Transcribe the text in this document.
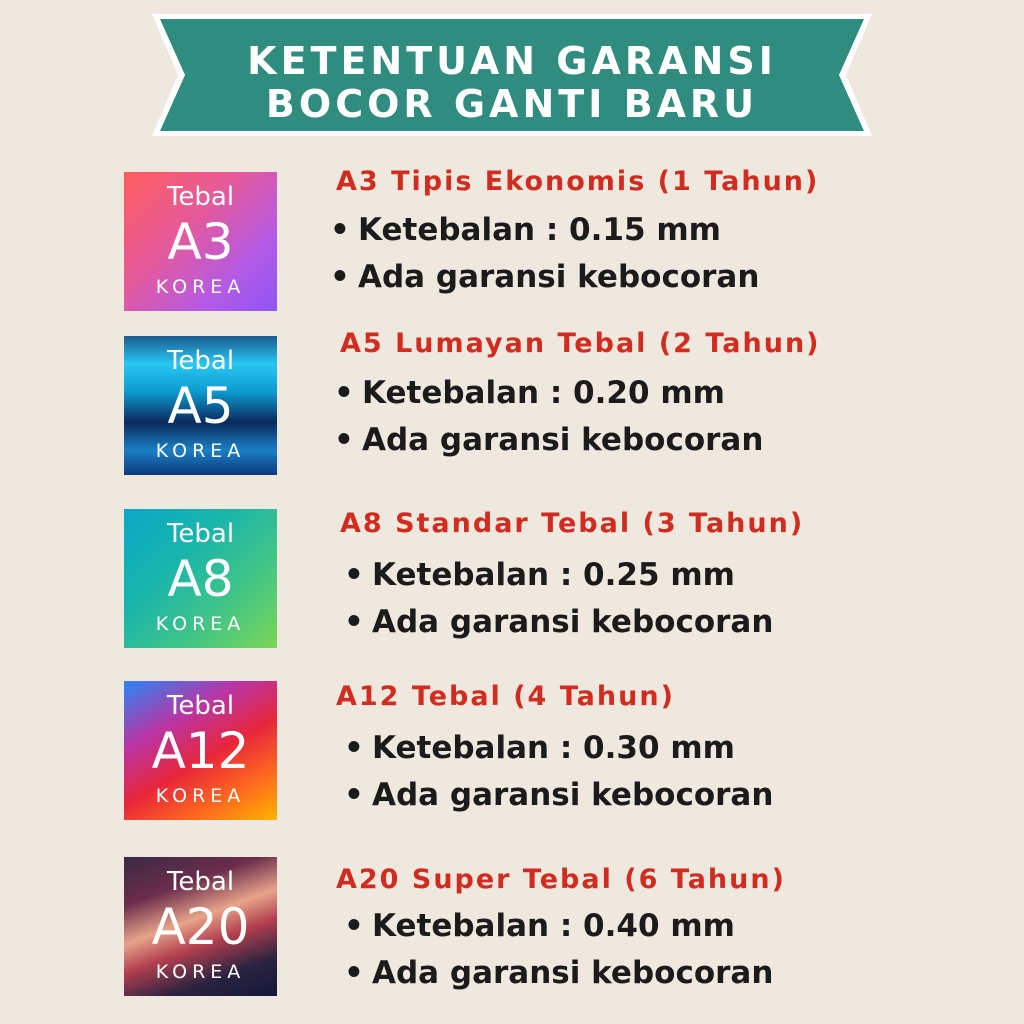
KETENTUAN GARANSI
BOCOR GANTI BARU
Tebal
A3
KOREA
A3 Tipis Ekonomis (1 Tahun)
• Ketebalan : 0.15 mm
• Ada garansi kebocoran
Tebal
A5
KOREA
A5 Lumayan Tebal (2 Tahun)
• Ketebalan : 0.20 mm
• Ada garansi kebocoran
Tebal
A8
KOREA
A8 Standar Tebal (3 Tahun)
• Ketebalan : 0.25 mm
• Ada garansi kebocoran
Tebal
A12
KOREA
A12 Tebal (4 Tahun)
• Ketebalan : 0.30 mm
• Ada garansi kebocoran
Tebal
A20
KOREA
A20 Super Tebal (6 Tahun)
• Ketebalan : 0.40 mm
• Ada garansi kebocoran
